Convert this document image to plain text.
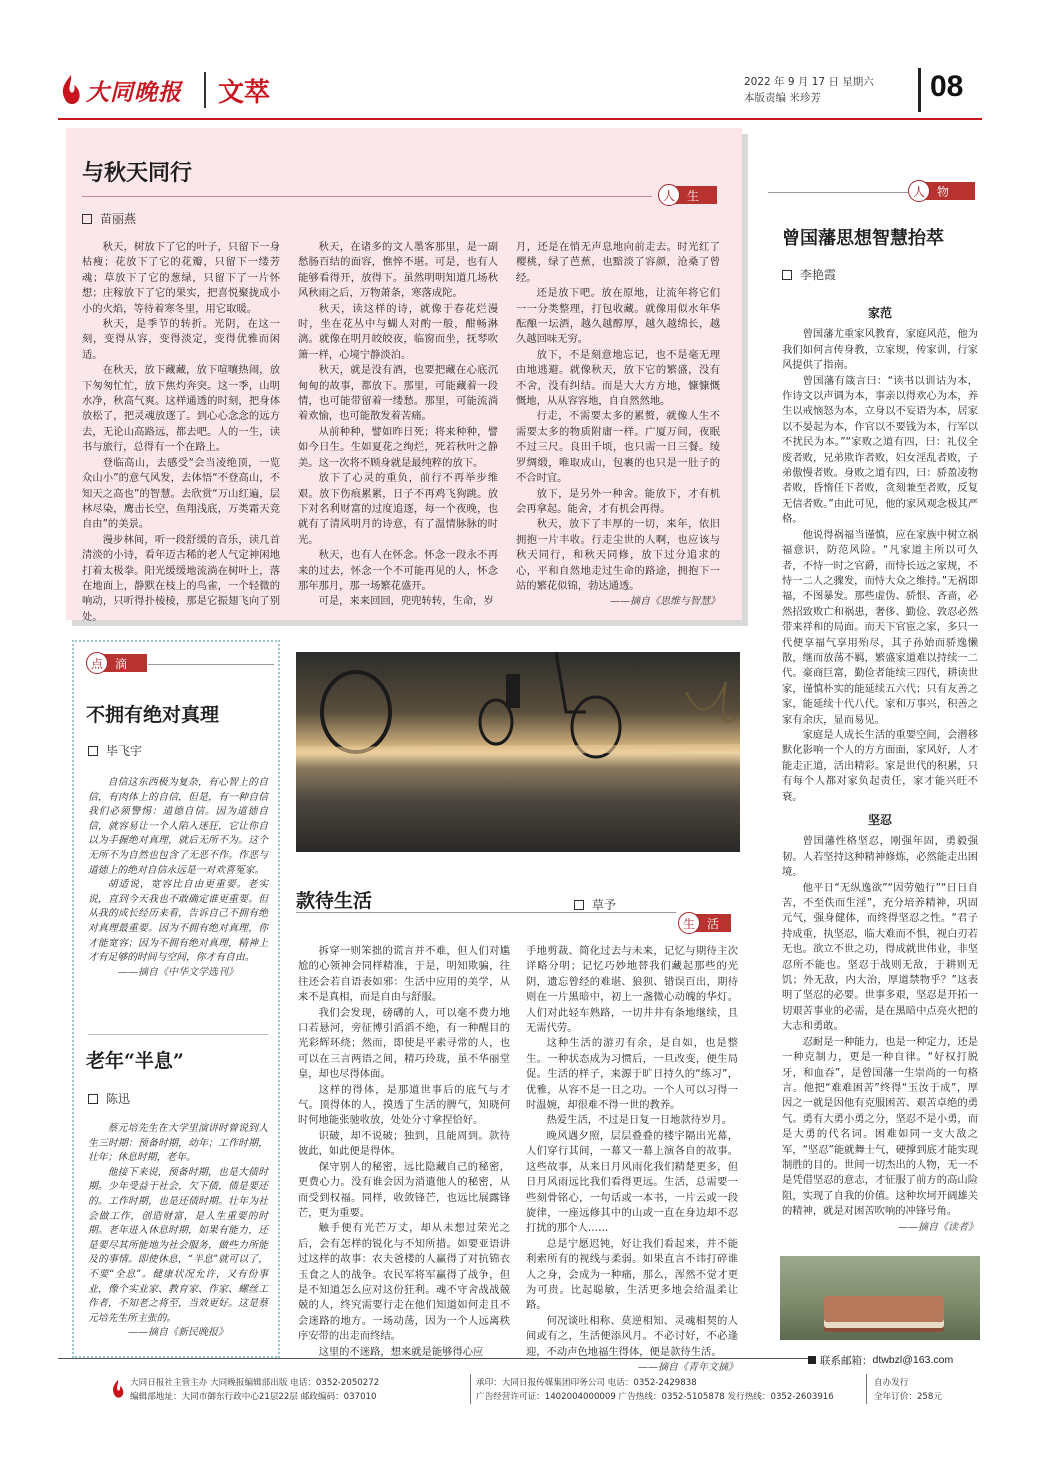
大同晚报 文萃	2022 年 9 月 17 日 星期六
本版责编 米珍芳	08
与秋天同行
人	生
苗丽燕

秋天，树放下了它的叶子，只留下一身枯瘦；花放下了它的花瓣，只留下一缕芳魂；草放下了它的葱绿，只留下了一片怀想；庄稼放下了它的果实，把喜悦聚拢成小小的火焰，等待着寒冬里，用它取暖。

秋天，是季节的转折。光阴，在这一刻，变得从容，变得淡定，变得优雅而闲适。

在秋天，放下藏藏，放下喧嚷热闹，放下匆匆忙忙，放下焦灼奔突。这一季，山明水净，秋高气爽。这样通透的时刻，把身体放松了，把灵魂放逐了。到心心念念的远方去，无论山高路远，都去吧。人的一生，读书与旅行，总得有一个在路上。

登临高山，去感受“会当凌绝顶，一览众山小”的意气风发，去体悟“不登高山，不知天之高也”的智慧。去欣赏“万山红遍，层林尽染，鹰击长空，鱼翔浅底，万类霜天竞自由”的美景。

漫步林间，听一段舒缓的音乐，读几首清淡的小诗，看年迈古稀的老人气定神闲地打着太极拳。阳光缓缓地流淌在树叶上，落在地面上，静默在枝上的鸟雀，一个轻微的响动，只听得扑棱棱，那是它振翅飞向了别处。

秋天，在诸多的文人墨客那里，是一副愁肠百结的面容，憔悴不堪。可是，也有人能够看得开，放得下。虽然明明知道几场秋风秋雨之后，万物萧条，寒落成陀。

秋天，读这样的诗，就像于春花烂漫时，坐在花丛中与蝴人对酌一般，酣畅淋漓。就像在明月皎皎夜，临窗而坐，抚琴吹箫一样，心境宁静淡泊。

秋天，就是没有酒，也要把藏在心底沉甸甸的故事，都放下。那里，可能藏着一段情，也可能带留着一缕愁。那里，可能流淌着欢愉，也可能散发着苦痛。

从前种种，譬如昨日死；将来种种，譬如今日生。生如夏花之绚烂，死若秋叶之静美。这一次将不顾身就是最纯粹的放下。

放下了心灵的重负，前行不再举步维艰。放下伤痕累累，日子不再鸡飞狗跳。放下对名利财富的过度追逐，每一个夜晚，也就有了清风明月的诗意，有了温情脉脉的时光。

秋天，也有人在怀念。怀念一段永不再来的过去，怀念一个不可能再见的人，怀念那年那月，那一场繁花盛开。

可是，来来回回，兜兜转转，生命，岁

月，还是在悄无声息地向前走去。时光红了樱桃，绿了芭蕉，也黯淡了容颜，沧桑了曾经。

还是放下吧。放在原地，让流年将它们一一分类整理，打包收藏。就像用似水年华酝酿一坛酒，越久越醇厚，越久越绵长，越久越回味无穷。

放下，不是刻意地忘记，也不是毫无理由地逃避。就像秋天，放下它的繁盛，没有不舍，没有纠结。而是大大方方地，慷慷慨慨地，从从容容地，自自然然地。

行走，不需要太多的累赘，就像人生不需要太多的物质附庸一样。广厦万间，夜眠不过三尺。良田千顷，也只需一日三餐。绫罗绸缎，唯取成山，包裹的也只是一肚子的不合时宜。

放下，是另外一种舍。能放下，才有机会再拿起。能舍，才有机会再得。

秋天，放下了丰厚的一切，来年，依旧拥抱一片丰收。行走尘世的人啊，也应该与秋天同行，和秋天同修，放下过分追求的心，平和自然地走过生命的路途，拥抱下一站的繁花似锦，勃达通透。

——摘自《思维与智慧》
人	物
曾国藩思想智慧抬萃
李艳霞
家范

曾国藩尤重家风教育，家庭风范，他为我们如何言传身教，立家规，传家训，行家风提供了指南。

曾国藩有箴言曰：“读书以训诂为本，作诗文以声调为本，事亲以得欢心为本，养生以戒恼怒为本，立身以不妄语为本，居家以不晏起为本，作官以不要钱为本，行军以不扰民为本。”“家败之道有四，曰：礼仪全废者败，兄弟欺诈者败，妇女淫乱者败，子弟傲慢者败。身败之道有四，曰：骄盈凌物者败，昏惰任下者败，贪刻兼至者败，反复无信者败。”由此可见，他的家风观念极其严格。

他说得祸福当谨慎，应在家族中树立祸福意识，防范风险。“凡家道主所以可久者，不恃一时之官爵，而恃长远之家规，不恃一二人之骤发，而恃大众之维持。”无祸即福，不图暴发。那些虚伪、骄恨、吝啬，必然招致败亡和祸患，奢侈、勤俭、敦忍必然带来祥和的局面。而天下官宦之家，多只一代便享福气享用殆尽，其子孙始而骄逸懒散，继而放荡不羁，繁盛家道难以持续一二代。豪商巨富，勤俭者能续三四代，耕读世家，谨慎朴实的能延续五六代；只有友善之家，能延续十代八代。家和万事兴，积善之家有余庆，显而易见。

家庭是人成长生活的重要空间，会潜移默化影响一个人的方方面面，家风好，人才能走正道，活出精彩。家是世代的积累，只有每个人都对家负起责任，家才能兴旺不衰。

坚忍

曾国藩性格坚忍，刚强年固，勇毅强韧。人若坚持这种精神修炼，必然能走出困境。

他平日“无纵逸欲”“因劳勉行”“日日自苦，不至佚而生淫”，充分培养精神，巩固元气，强身健体，而终得坚忍之性。“君子持成重，执坚忍，临大难而不惧，视白刃若无也。欲立不世之功，得成就世伟业，非坚忍所不能也。坚忍于战则无敌，于耕则无饥；外无敌，内大治，厚道禁物乎？”这表明了坚忍的必要。世事多艰，坚忍是开拓一切艰苦事业的必需，是在黑暗中点亮火把的大志和勇敢。

忍耐是一种能力，也是一种定力，还是一种克制力，更是一种自律。“好权打脱牙，和血吞”，是曾国藩一生崇尚的一句格言。他把“难难困苦”终得“玉汝于成”，厚因之一就是因他有克服困苦、艰苦卓绝的勇气。勇有大勇小勇之分，坚忍不是小勇，而是大勇的代名词。困难如同一支大敌之军，“坚忍”能就舞士气，硬撑到底才能实现制胜的目的。世间一切杰出的人物，无一不是凭借坚忍的意志，才征服了前方的高山险阻，实现了自我的价值。这种坎坷开阔雄关的精神，就是对困苦吹响的冲锋号角。

——摘自《读者》
点	滴
不拥有绝对真理
毕飞宇

自信这东西极为复杂，有心智上的自信，有肉体上的自信，但是，有一种自信我们必须警惕：道德自信。因为道德自信，就容易让一个人陷入迷狂，它让你自以为手握绝对真理，就后无所不为。这个无所不为自然也包含了无恶不作。作恶与道德上的绝对自信永远是一对欢喜冤家。

胡适说，宽容比自由更重要。老实说，直到今天我也不敢确定谁更重要。但从我的成长经历来看，告诉自己不拥有绝对真理最重要。因为不拥有绝对真理，你才能宽容；因为不拥有绝对真理，精神上才有足够的时间与空间，你才有自由。

——摘自《中华文学选刊》
老年“半息”
陈迅

蔡元培先生在大学里演讲时曾说到人生三时期：预备时期，幼年；工作时期，壮年；休息时期，老年。

他接下来说，预备时期，也是大债时期。少年受益于社会，欠下债，债是要还的。工作时期，也是还债时期。壮年为社会做工作，创造财富，是人生重要的时期。老年进入休息时期，如果有能力，还是要尽其所能地为社会服务，做些力所能及的事情。即使休息，“半息”就可以了，不要“全息”。健康状况允许，又有份事业，像个实业家、教育家、作家、螺丝工作者，不知老之将至，当效更好。这是蔡元培先生所主张的。

——摘自《新民晚报》
款待生活	草予
生	活

拆穿一则笨拙的谎言并不难，但人们对尴尬的心领神会同样精准，于是，明知欺骗，往往还会若自语表如邪：生活中应用的美学，从来不是真相，而是自由与舒服。

我们会发现，磅礴的人，可以毫不费力地口若悬河，旁征博引滔滔不绝，有一种醒目的光彩辉环绕；然而，即使是平素寻常的人，也可以在三言两语之间，精巧玲珑，虽不华丽堂皇，却也尽得体面。

这样的得体，是那道世事后的底气与才气。顶得体的人，摸透了生活的脾气，知晓何时何地能张驰收放，处处分寸拿捏恰好。

识破，却不说破；独到，且能周到。款待彼此，如此便是得体。

保守别人的秘密，远比隐藏自己的秘密，更费心力。没有谁会因为消遣他人的秘密，从而受到权福。同样，收敛锋芒，也远比展露锋芒，更为重要。

触手便有光芒万丈，却从未想过荣光之后，会有怎样的锐化与不知所措。如要亚语讲过这样的故事：农夫爸楼的人赢得了对抗锦衣玉食之人的战争。农民军将军赢得了战争，但是不知道怎么应对这份狂利。魂不守舍战战兢兢的人，终究需要行走在他们知道如何走且不会迷路的地方。一场动荡，因为一个人远离秩序安带的出走而终结。

这里的不迷路，想来就是能够得心应

手地剪裁、简化过去与未来，记忆与期待主次详略分明；记忆巧妙地替我们藏起那些的光阴，遗忘曾经的难堪、狼狈、错误百出，期待则在一片黑暗中，初上一盏微心动魄的华灯。人们对此轻车熟路，一切井井有条地继续，且无需代劳。

这种生活的游刃有余，是自如，也是整生。一种状态成为习惯后，一旦改变，便生局促。生活的样子，来源于旷日持久的“练习”，优雅，从容不是一日之功。一个人可以习得一时温婉，却很难不得一世的教养。

热爱生活，不过是日复一日地款待岁月。

晚风遇夕照，层层叠叠的楼宇隔出光幕，人们穿行其间，一幕又一幕上演各自的故事。这些故事，从来日月风雨化我们精楚更多，但日月风雨远比我们看得更远。生活，总需要一些刻骨铭心，一句话或一本书，一片云或一段旋律，一座远修其中的山或一直在身边却不忍打扰的那个人……

总是宁愿迟钝，好让我们看起来，并不能利索所有的视线与柔弱。如果直言不讳打碎谁人之身，会成为一种痛，那么，浑然不觉才更为可贵。比起聪敏，生活更多地会给温柔让路。

何况谈吐相称、莫逆相知、灵魂相契的人间或有之，生活便添风月。不必讨好，不必逢迎，不动声色地福生得体，便是款待生活。

——摘自《青年文摘》
联系邮箱： dtwbzl@163.com
大同日报社主管主办 大同晚报编辑部出版 电话：0352-2050272
编辑部地址：大同市御东行政中心21层22层 邮政编码：037010
承印：大同日报传媒集团印务公司 电话：0352-2429838
广告经营许可证：1402004000009 广告热线：0352-5105878 发行热线：0352-2603916
自办发行
全年订价：258元
